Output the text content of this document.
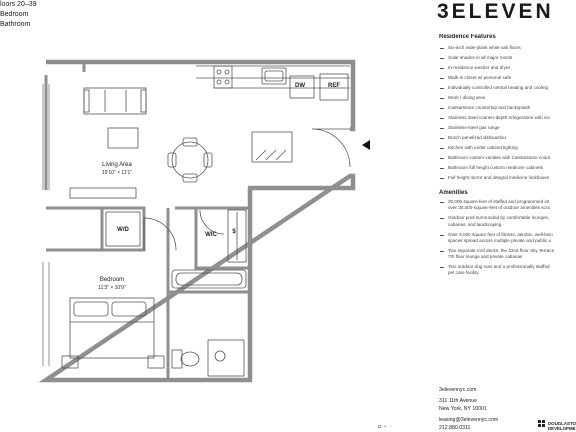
loors 20–39
Bedroom
Bathroom
DW	REF
Living Area
15'10" × 11'1"
W/D
WIC	$
Bedroom
11'3" × 10'9"
3ELEVEN
Residence Features
Six-inch wide-plank white oak floors
Solar shades in all major rooms
In-residence washer and dryer
Walk-in closet w/ personal safe
Individually controlled central heating and cooling
Work / dining area
Caesarstone countertop and backsplash
Stainless steel counter-depth refrigerators with ice
Stainless-steel gas range
Bosch panelized dishwasher
Kitchen with under cabinet lighting
Bathroom custom vanities with Caesarstone count
Bathroom full height custom medicine cabinets
Full height mirror and integral medicine lockboxes
Amenities
30,000-square-feet of staffed and programmed int
over 30,000-square-feet of outdoor amenities scra
Outdoor pool surrounded by comfortable lounges,
cabanas, and landscaping
Over 5,000 square feet of fitness, aerobic, well-bein
spaces spread across multiple private and public a
Two separate roof decks, the 42nd floor Sky Terrace
7th floor lounge and private cabanas
Two outdoor dog runs and a professionally staffed
pet care facility
3elevennyc.com
311 11th Avenue
New York, NY 10001
leasing@3elevennyc.com
212.880.0311
◘ ▪ ▫
DOUGLASTO
DEVELOPME
